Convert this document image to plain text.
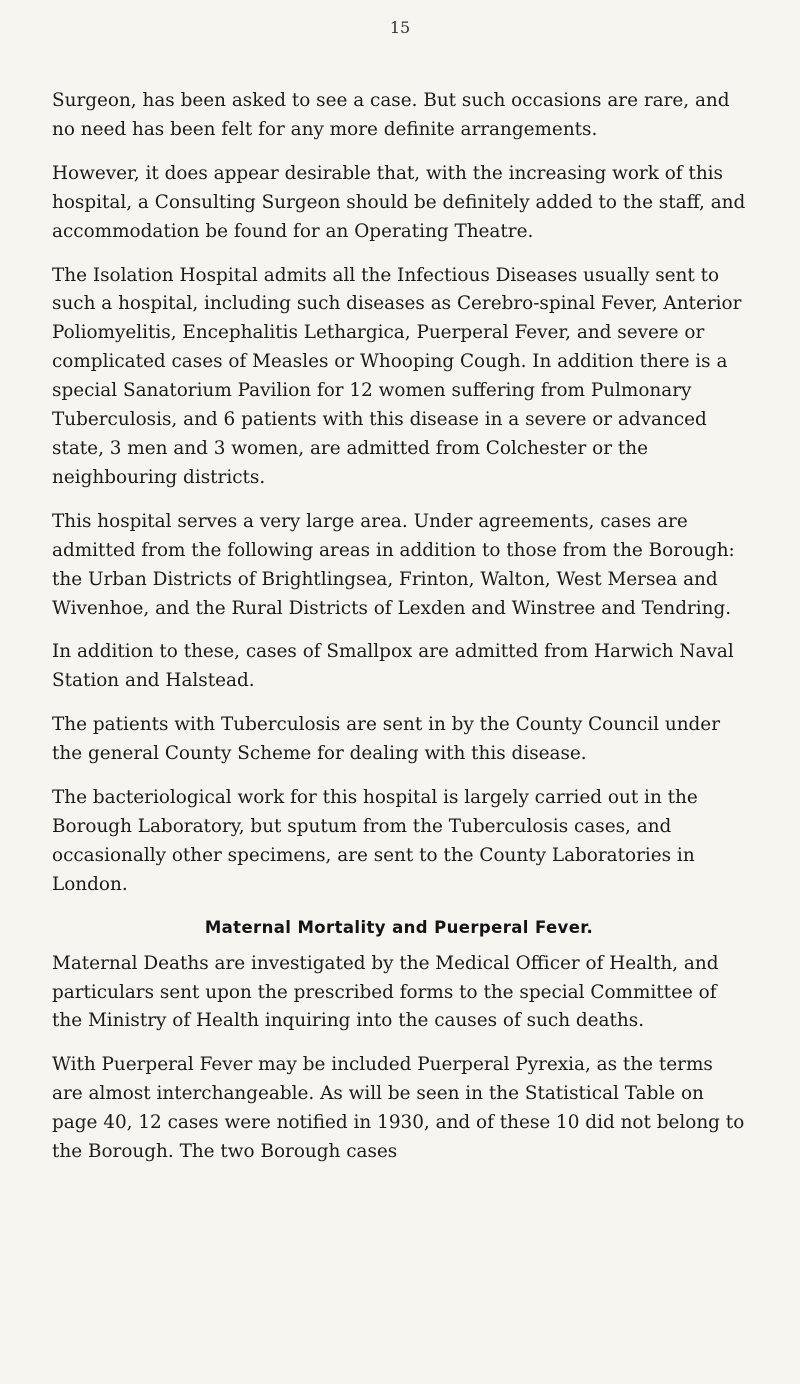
15

Surgeon, has been asked to see a case. But such occasions are rare, and no need has been felt for any more definite arrangements.

However, it does appear desirable that, with the increasing work of this hospital, a Consulting Surgeon should be definitely added to the staff, and accommodation be found for an Operating Theatre.

The Isolation Hospital admits all the Infectious Diseases usually sent to such a hospital, including such diseases as Cerebro-spinal Fever, Anterior Poliomyelitis, Encephalitis Lethargica, Puerperal Fever, and severe or complicated cases of Measles or Whooping Cough. In addition there is a special Sanatorium Pavilion for 12 women suffering from Pulmonary Tuberculosis, and 6 patients with this disease in a severe or advanced state, 3 men and 3 women, are admitted from Colchester or the neighbouring districts.

This hospital serves a very large area. Under agreements, cases are admitted from the following areas in addition to those from the Borough: the Urban Districts of Brightlingsea, Frinton, Walton, West Mersea and Wivenhoe, and the Rural Districts of Lexden and Winstree and Tendring.

In addition to these, cases of Smallpox are admitted from Harwich Naval Station and Halstead.

The patients with Tuberculosis are sent in by the County Council under the general County Scheme for dealing with this disease.

The bacteriological work for this hospital is largely carried out in the Borough Laboratory, but sputum from the Tuberculosis cases, and occasionally other specimens, are sent to the County Laboratories in London.

Maternal Mortality and Puerperal Fever.

Maternal Deaths are investigated by the Medical Officer of Health, and particulars sent upon the prescribed forms to the special Committee of the Ministry of Health inquiring into the causes of such deaths.

With Puerperal Fever may be included Puerperal Pyrexia, as the terms are almost interchangeable. As will be seen in the Statistical Table on page 40, 12 cases were notified in 1930, and of these 10 did not belong to the Borough. The two Borough cases
